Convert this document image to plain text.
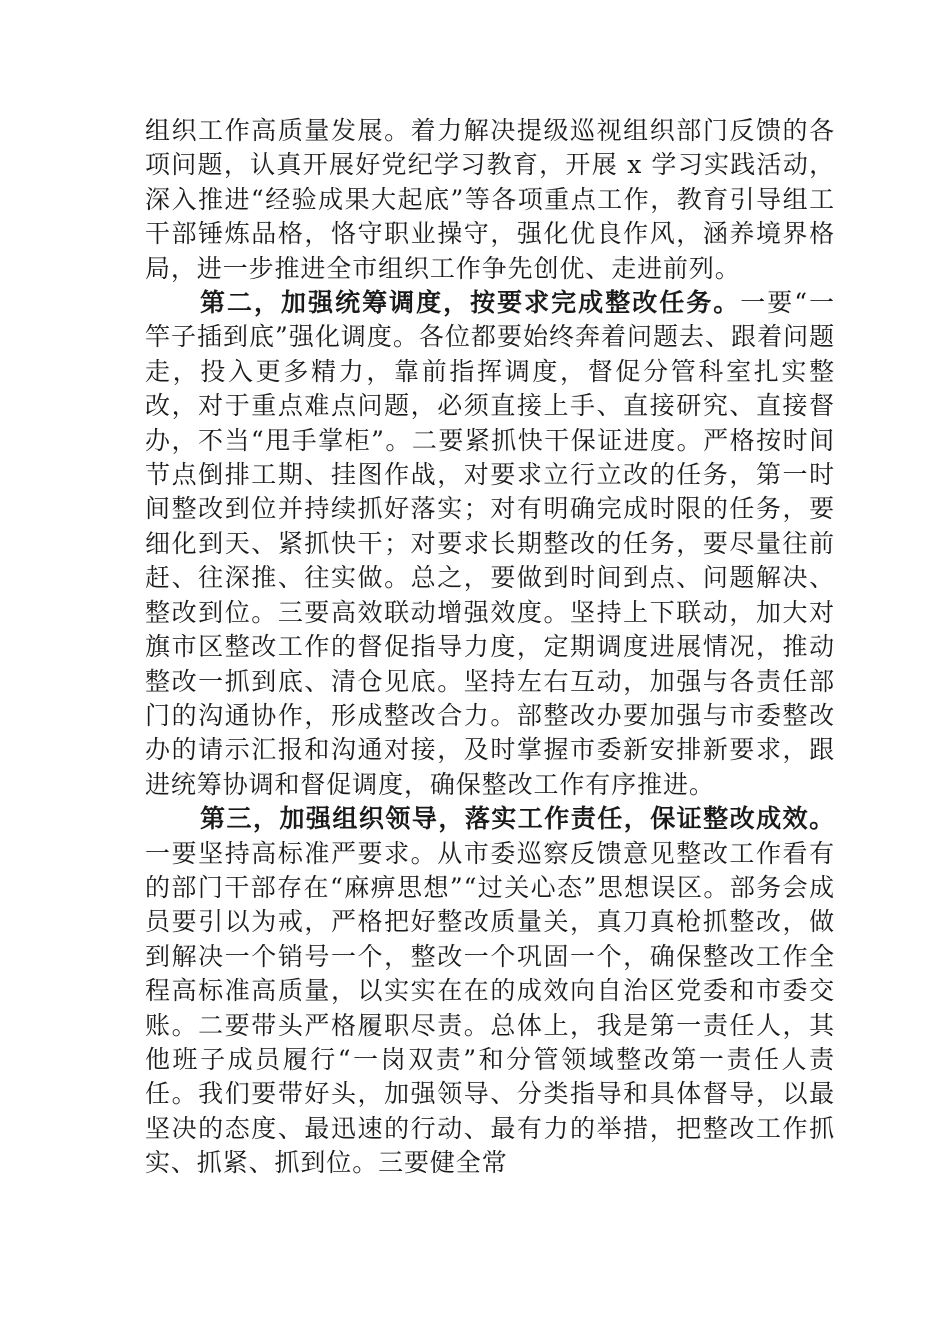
组织工作高质量发展。着力解决提级巡视组织部门反馈的各项问题，认真开展好党纪学习教育，开展 x 学习实践活动，深入推进“经验成果大起底”等各项重点工作，教育引导组工干部锤炼品格，恪守职业操守，强化优良作风，涵养境界格局，进一步推进全市组织工作争先创优、走进前列。

第二，加强统筹调度，按要求完成整改任务。一要“一竿子插到底”强化调度。各位都要始终奔着问题去、跟着问题走，投入更多精力，靠前指挥调度，督促分管科室扎实整改，对于重点难点问题，必须直接上手、直接研究、直接督办，不当“甩手掌柜”。二要紧抓快干保证进度。严格按时间节点倒排工期、挂图作战，对要求立行立改的任务，第一时间整改到位并持续抓好落实；对有明确完成时限的任务，要细化到天、紧抓快干；对要求长期整改的任务，要尽量往前赶、往深推、往实做。总之，要做到时间到点、问题解决、整改到位。三要高效联动增强效度。坚持上下联动，加大对旗市区整改工作的督促指导力度，定期调度进展情况，推动整改一抓到底、清仓见底。坚持左右互动，加强与各责任部门的沟通协作，形成整改合力。部整改办要加强与市委整改办的请示汇报和沟通对接，及时掌握市委新安排新要求，跟进统筹协调和督促调度，确保整改工作有序推进。

第三，加强组织领导，落实工作责任，保证整改成效。一要坚持高标准严要求。从市委巡察反馈意见整改工作看有的部门干部存在“麻痹思想”“过关心态”思想误区。部务会成员要引以为戒，严格把好整改质量关，真刀真枪抓整改，做到解决一个销号一个，整改一个巩固一个，确保整改工作全程高标准高质量，以实实在在的成效向自治区党委和市委交账。二要带头严格履职尽责。总体上，我是第一责任人，其他班子成员履行“一岗双责”和分管领域整改第一责任人责任。我们要带好头，加强领导、分类指导和具体督导，以最坚决的态度、最迅速的行动、最有力的举措，把整改工作抓实、抓紧、抓到位。三要健全常
